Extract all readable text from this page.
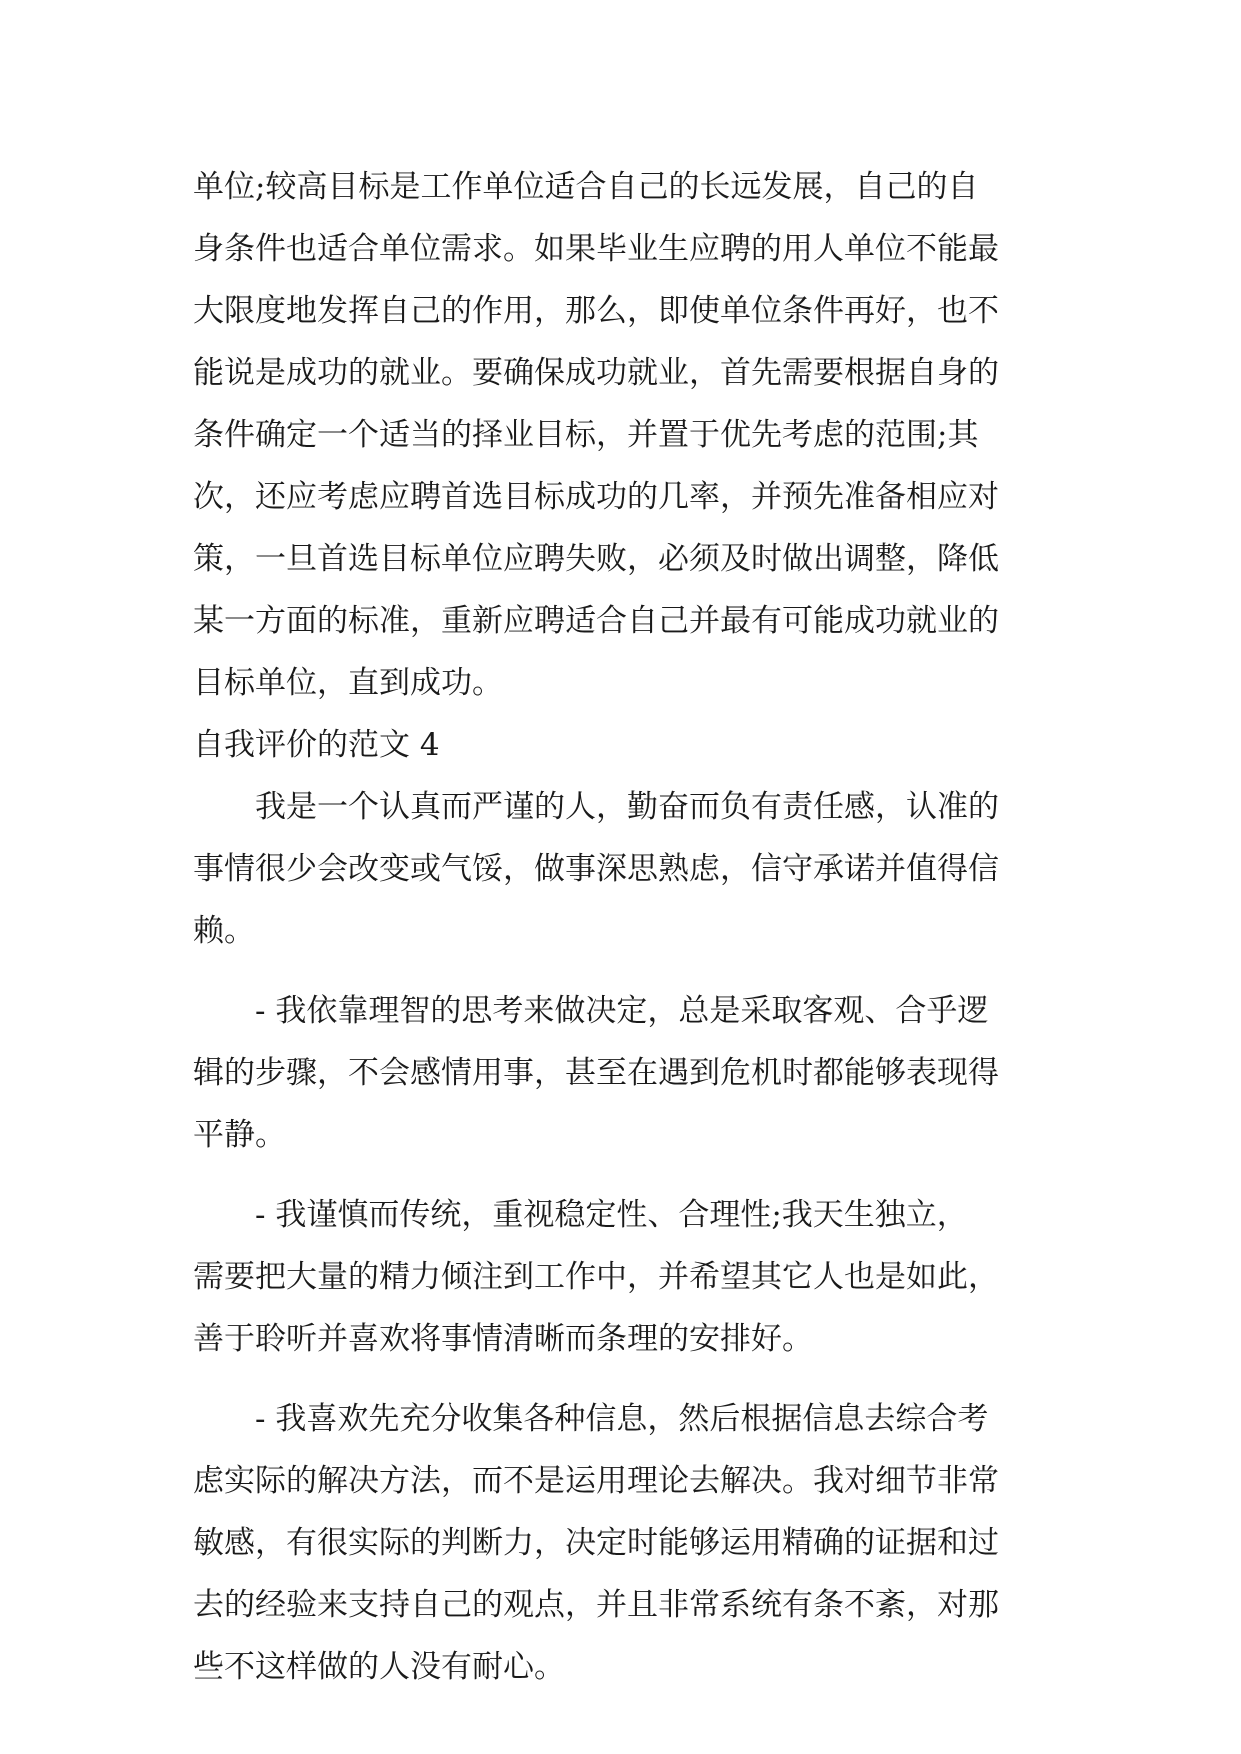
单位;较高目标是工作单位适合自己的长远发展，自己的自
身条件也适合单位需求。如果毕业生应聘的用人单位不能最
大限度地发挥自己的作用，那么，即使单位条件再好，也不
能说是成功的就业。要确保成功就业，首先需要根据自身的
条件确定一个适当的择业目标，并置于优先考虑的范围;其
次，还应考虑应聘首选目标成功的几率，并预先准备相应对
策，一旦首选目标单位应聘失败，必须及时做出调整，降低
某一方面的标准，重新应聘适合自己并最有可能成功就业的
目标单位，直到成功。
自我评价的范文 4
我是一个认真而严谨的人，勤奋而负有责任感，认准的
事情很少会改变或气馁，做事深思熟虑，信守承诺并值得信
赖。
- 我依靠理智的思考来做决定，总是采取客观、合乎逻
辑的步骤，不会感情用事，甚至在遇到危机时都能够表现得
平静。
- 我谨慎而传统，重视稳定性、合理性;我天生独立，
需要把大量的精力倾注到工作中，并希望其它人也是如此，
善于聆听并喜欢将事情清晰而条理的安排好。
- 我喜欢先充分收集各种信息，然后根据信息去综合考
虑实际的解决方法，而不是运用理论去解决。我对细节非常
敏感，有很实际的判断力，决定时能够运用精确的证据和过
去的经验来支持自己的观点，并且非常系统有条不紊，对那
些不这样做的人没有耐心。
